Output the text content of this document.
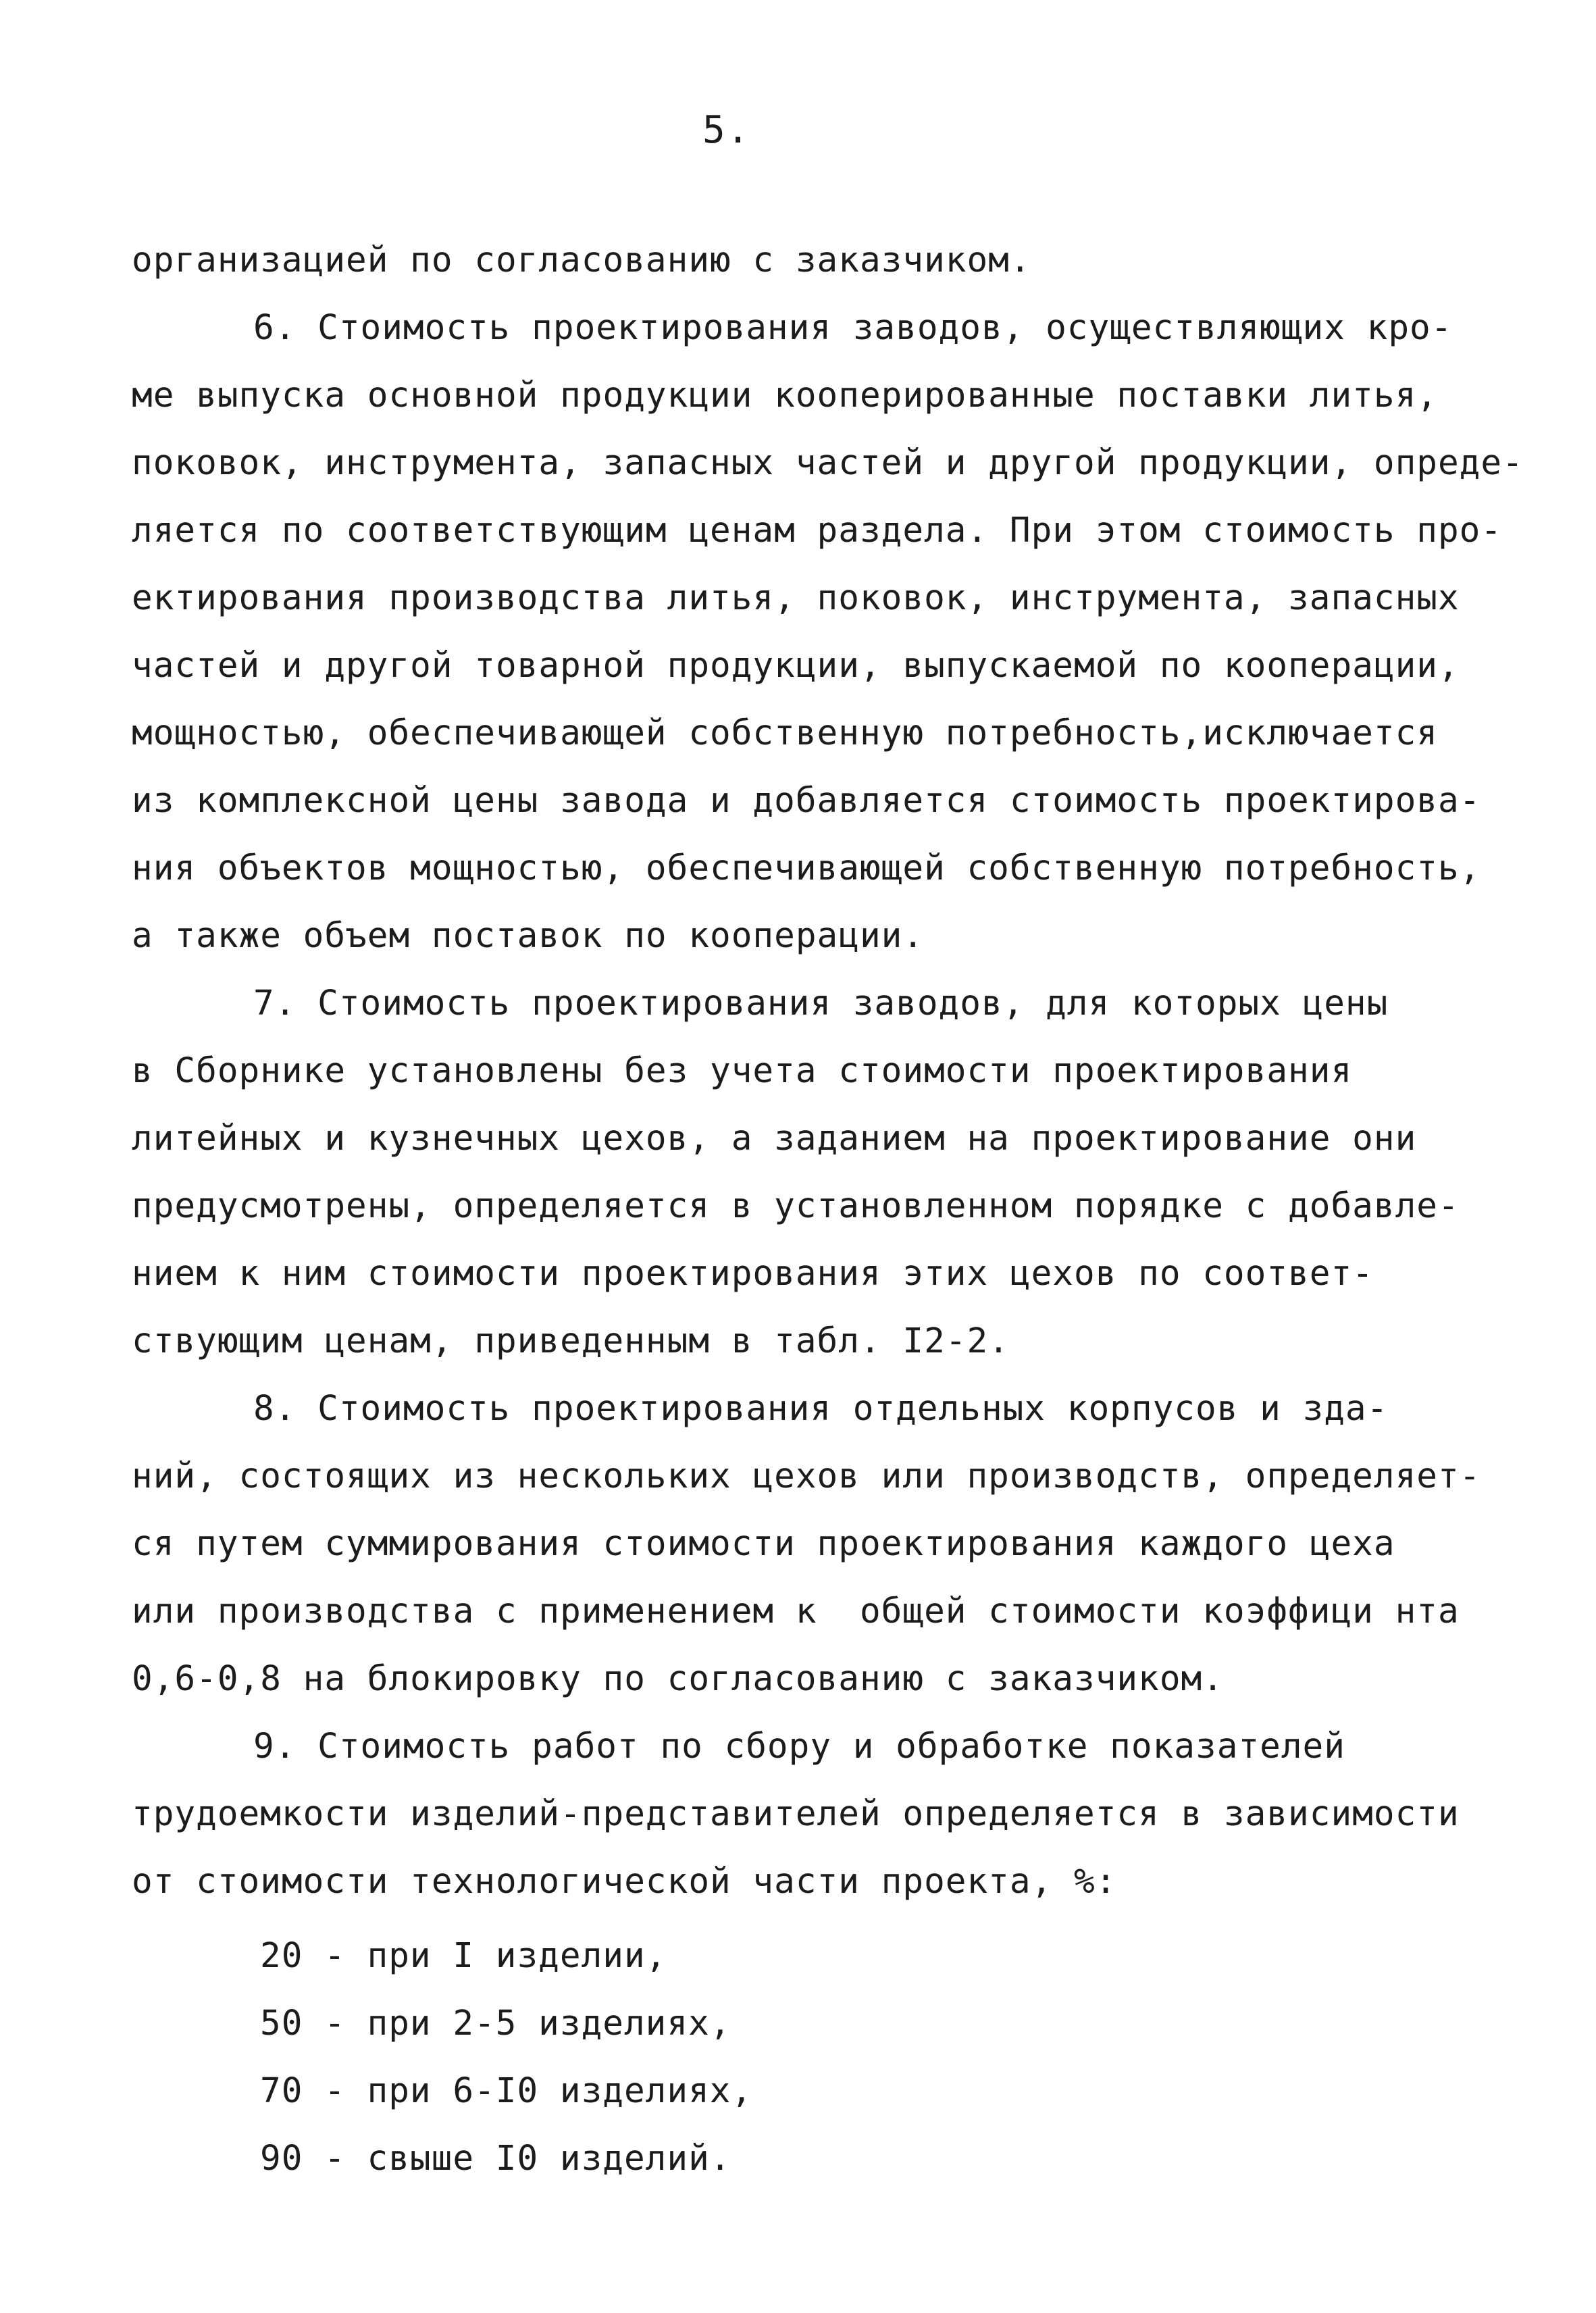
5.
организацией по согласованию с заказчиком.
6. Стоимость проектирования заводов, осуществляющих кро-
ме выпуска основной продукции кооперированные поставки литья,
поковок, инструмента, запасных частей и другой продукции, опреде-
ляется по соответствующим ценам раздела. При этом стоимость про-
ектирования производства литья, поковок, инструмента, запасных
частей и другой товарной продукции, выпускаемой по кооперации,
мощностью, обеспечивающей собственную потребность,исключается
из комплексной цены завода и добавляется стоимость проектирова-
ния объектов мощностью, обеспечивающей собственную потребность,
а также объем поставок по кооперации.
7. Стоимость проектирования заводов, для которых цены
в Сборнике установлены без учета стоимости проектирования
литейных и кузнечных цехов, а заданием на проектирование они
предусмотрены, определяется в установленном порядке с добавле-
нием к ним стоимости проектирования этих цехов по соответ-
ствующим ценам, приведенным в табл. I2-2.
8. Стоимость проектирования отдельных корпусов и зда-
ний, состоящих из нескольких цехов или производств, определяет-
ся путем суммирования стоимости проектирования каждого цеха
или производства с применением к  общей стоимости коэффици нта
0,6-0,8 на блокировку по согласованию с заказчиком.
9. Стоимость работ по сбору и обработке показателей
трудоемкости изделий-представителей определяется в зависимости
от стоимости технологической части проекта, %:
20 - при I изделии,
50 - при 2-5 изделиях,
70 - при 6-I0 изделиях,
90 - свыше I0 изделий.
